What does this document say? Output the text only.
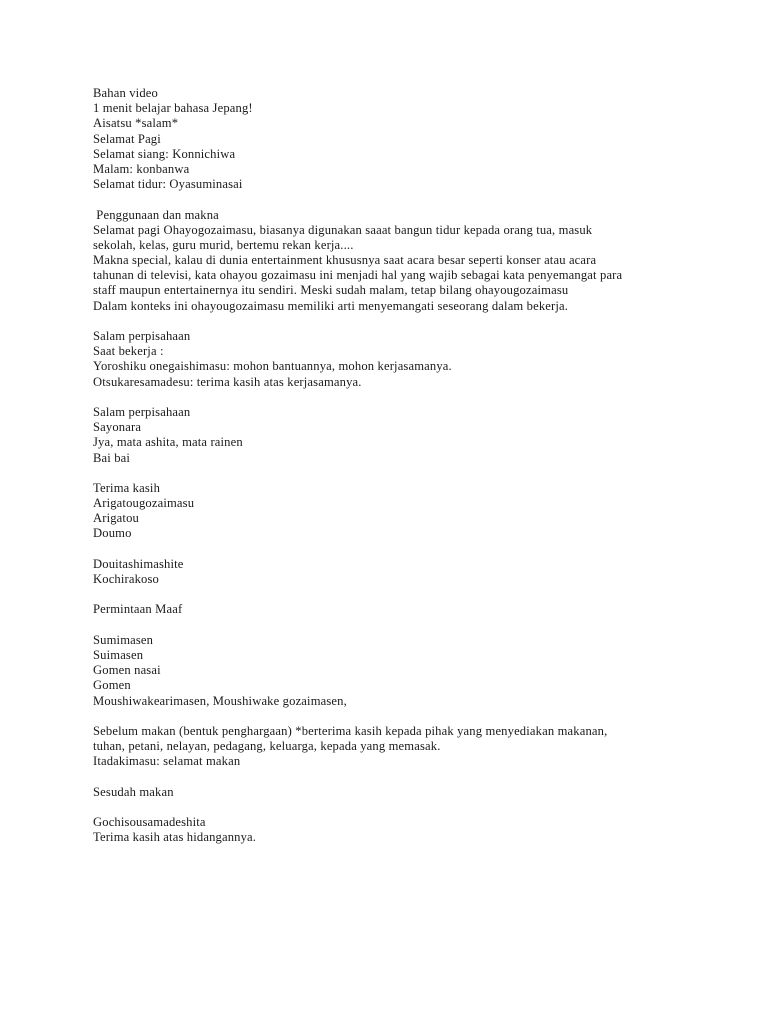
Bahan video
1 menit belajar bahasa Jepang!
Aisatsu *salam*
Selamat Pagi
Selamat siang: Konnichiwa
Malam: konbanwa
Selamat tidur: Oyasuminasai
Penggunaan dan makna
Selamat pagi Ohayogozaimasu, biasanya digunakan saaat bangun tidur kepada orang tua, masuk
sekolah, kelas, guru murid, bertemu rekan kerja....
Makna special, kalau di dunia entertainment khususnya saat acara besar seperti konser atau acara
tahunan di televisi, kata ohayou gozaimasu ini menjadi hal yang wajib sebagai kata penyemangat para
staff maupun entertainernya itu sendiri. Meski sudah malam, tetap bilang ohayougozaimasu
Dalam konteks ini ohayougozaimasu memiliki arti menyemangati seseorang dalam bekerja.
Salam perpisahaan
Saat bekerja :
Yoroshiku onegaishimasu: mohon bantuannya, mohon kerjasamanya.
Otsukaresamadesu: terima kasih atas kerjasamanya.
Salam perpisahaan
Sayonara
Jya, mata ashita, mata rainen
Bai bai
Terima kasih
Arigatougozaimasu
Arigatou
Doumo
Douitashimashite
Kochirakoso
Permintaan Maaf
Sumimasen
Suimasen
Gomen nasai
Gomen
Moushiwakearimasen, Moushiwake gozaimasen,
Sebelum makan (bentuk penghargaan) *berterima kasih kepada pihak yang menyediakan makanan,
tuhan, petani, nelayan, pedagang, keluarga, kepada yang memasak.
Itadakimasu: selamat makan
Sesudah makan
Gochisousamadeshita
Terima kasih atas hidangannya.
